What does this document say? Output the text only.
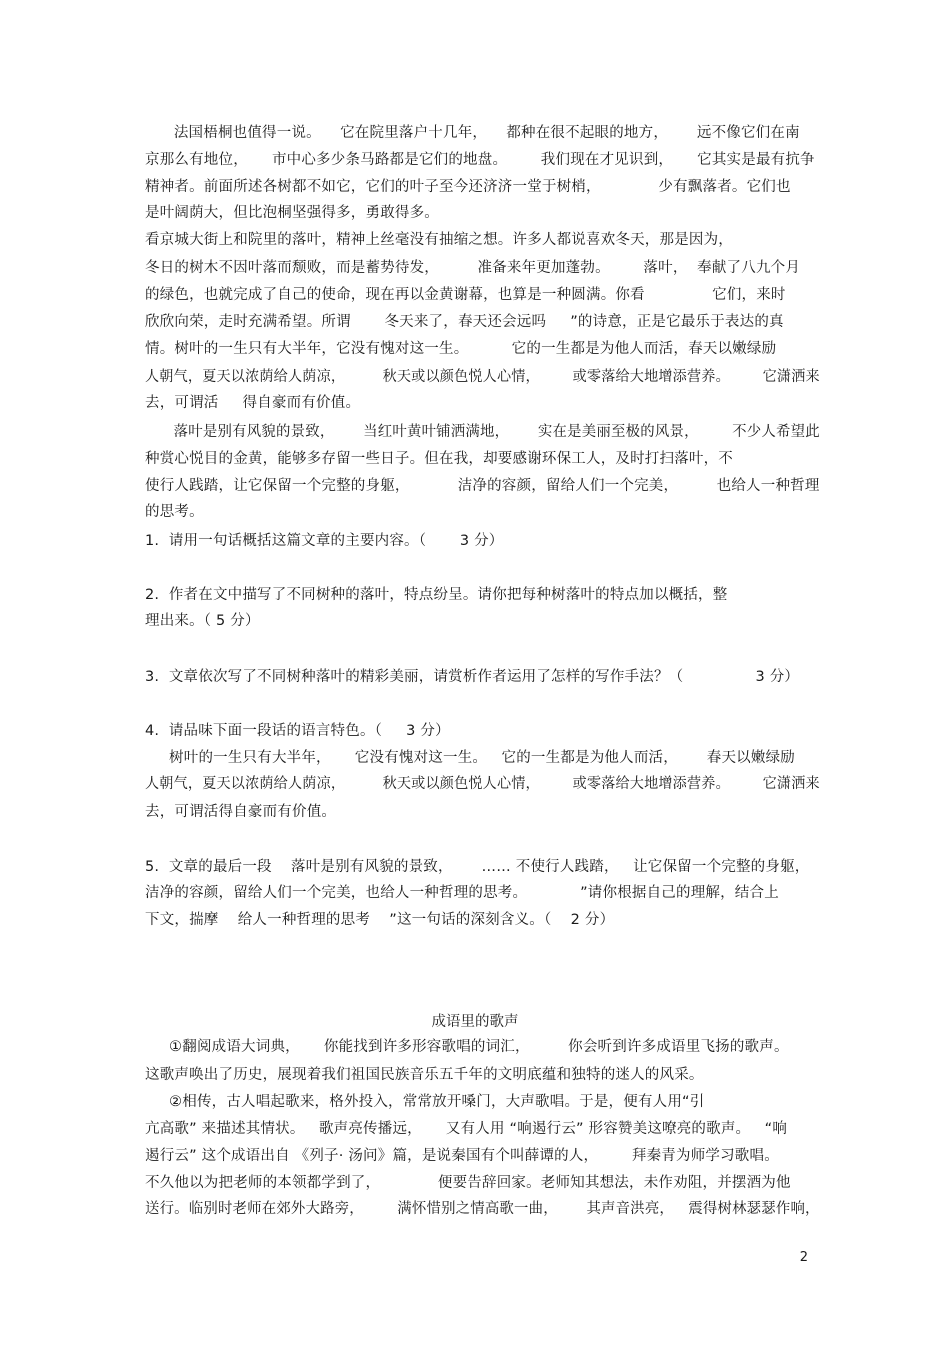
法国梧桐也值得一说。    它在院里落户十几年，    都种在很不起眼的地方，      远不像它们在南
京那么有地位，     市中心多少条马路都是它们的地盘。       我们现在才见识到，     它其实是最有抗争
精神者。前面所述各树都不如它，它们的叶子至今还济济一堂于树梢，            少有飘落者。它们也
是叶阔荫大，但比泡桐坚强得多，勇敢得多。
看京城大街上和院里的落叶，精神上丝毫没有抽缩之想。许多人都说喜欢冬天，那是因为，
冬日的树木不因叶落而颓败，而是蓄势待发，        准备来年更加蓬勃。       落叶，  奉献了八九个月
的绿色，也就完成了自己的使命，现在再以金黄谢幕，也算是一种圆满。你看              它们，来时
欣欣向荣，走时充满希望。所谓       冬天来了，春天还会远吗     ”的诗意，正是它最乐于表达的真
情。树叶的一生只有大半年，它没有愧对这一生。         它的一生都是为他人而活，春天以嫩绿励
人朝气，夏天以浓荫给人荫凉，        秋天或以颜色悦人心情，       或零落给大地增添营养。       它潇洒来
去，可谓活     得自豪而有价值。
落叶是别有风貌的景致，      当红叶黄叶铺洒满地，      实在是美丽至极的风景，       不少人希望此
种赏心悦目的金黄，能够多存留一些日子。但在我，却要感谢环保工人，及时打扫落叶，不
使行人践踏，让它保留一个完整的身躯，          洁净的容颜，留给人们一个完美，        也给人一种哲理
的思考。
1.  请用一句话概括这篇文章的主要内容。（       3 分）
2.  作者在文中描写了不同树种的落叶，特点纷呈。请你把每种树落叶的特点加以概括，整
理出来。（ 5 分）
3.  文章依次写了不同树种落叶的精彩美丽，请赏析作者运用了怎样的写作手法？（               3 分）
4.  请品味下面一段话的语言特色。（     3 分）
树叶的一生只有大半年，     它没有愧对这一生。   它的一生都是为他人而活，      春天以嫩绿励
人朝气，夏天以浓荫给人荫凉，        秋天或以颜色悦人心情，       或零落给大地增添营养。       它潇洒来
去，可谓活得自豪而有价值。
5.  文章的最后一段    落叶是别有风貌的景致，      …… 不使行人践踏，   让它保留一个完整的身躯，
洁净的容颜，留给人们一个完美，也给人一种哲理的思考。           ”请你根据自己的理解，结合上
下文，揣摩    给人一种哲理的思考    ”这一句话的深刻含义。（    2 分）
成语里的歌声
①翻阅成语大词典，     你能找到许多形容歌唱的词汇，        你会听到许多成语里飞扬的歌声。
这歌声唤出了历史，展现着我们祖国民族音乐五千年的文明底蕴和独特的迷人的风采。
②相传，古人唱起歌来，格外投入，常常放开嗓门，大声歌唱。于是，便有人用“引
亢高歌” 来描述其情状。   歌声亮传播远，     又有人用 “响遏行云” 形容赞美这嘹亮的歌声。   “响
遏行云” 这个成语出自 《列子· 汤问》篇，是说秦国有个叫薛谭的人，       拜秦青为师学习歌唱。
不久他以为把老师的本领都学到了，            便要告辞回家。老师知其想法，未作劝阻，并摆酒为他
送行。临别时老师在郊外大路旁，       满怀惜别之情高歌一曲，      其声音洪亮，   震得树林瑟瑟作响，
2
